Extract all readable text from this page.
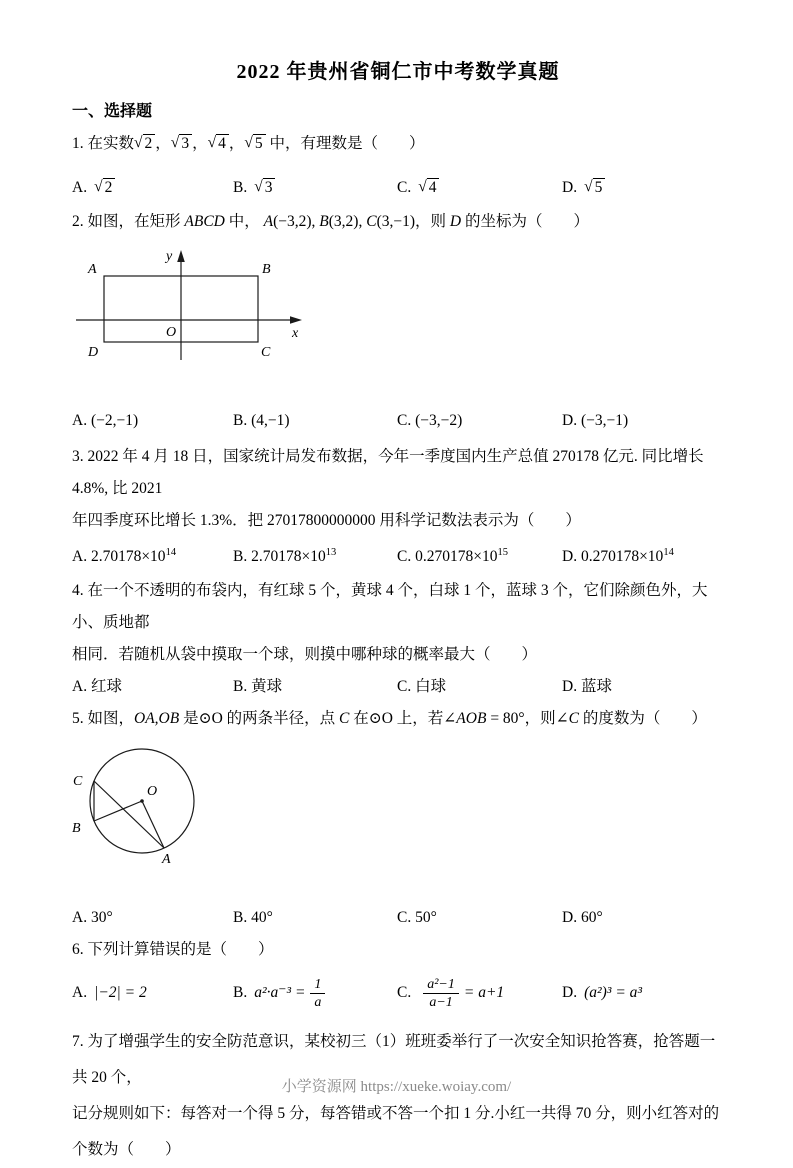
2022 年贵州省铜仁市中考数学真题
一、选择题

1. 在实数√ 2 ，√ 3 ，√ 4 ，√ 5 中，有理数是（　　）

A. √ 2	B. √ 3	C. √ 4	D. √ 5

2. 如图，在矩形 ABCD 中， A(−3,2), B(3,2), C(3,−1)，则 D 的坐标为（　　）

y
x
A	B
O
D	C
A. (−2,−1)	B. (4,−1)	C. (−3,−2)	D. (−3,−1)

3. 2022 年 4 月 18 日，国家统计局发布数据，今年一季度国内生产总值 270178 亿元. 同比增长 4.8%, 比 2021
年四季度环比增长 1.3%．把 27017800000000 用科学记数法表示为（　　）

A. $2.70178\times 10^{14}$	B. $2.70178\times 10^{13}$	C. $0.270178\times 10^{15}$	D. $0.270178\times 10^{14}$

4. 在一个不透明的布袋内，有红球 5 个，黄球 4 个，白球 1 个，蓝球 3 个，它们除颜色外，大小、质地都
相同．若随机从袋中摸取一个球，则摸中哪种球的概率最大（　　）

A. 红球	B. 黄球	C. 白球	D. 蓝球

5. 如图，OA,OB 是⊙O 的两条半径，点 C 在⊙O 上，若∠AOB = 80°，则∠C 的度数为（　　）

C
O
B
A
A. 30°	B. 40°	C. 50°	D. 60°

6. 下列计算错误的是（　　）

A. |−2| = 2	B. $a^2\cdot a^{-3} = \frac{1}{a}$	C. $\frac{\text{a²−1}}{a-1} = a+1$	D. (a²)³ = a³

7. 为了增强学生的安全防范意识，某校初三（1）班班委举行了一次安全知识抢答赛，抢答题一共 20 个，
记分规则如下：每答对一个得 5 分，每答错或不答一个扣 1 分.小红一共得 70 分，则小红答对的个数为（　　）

小学资源网 https://xueke.woiay.com/
